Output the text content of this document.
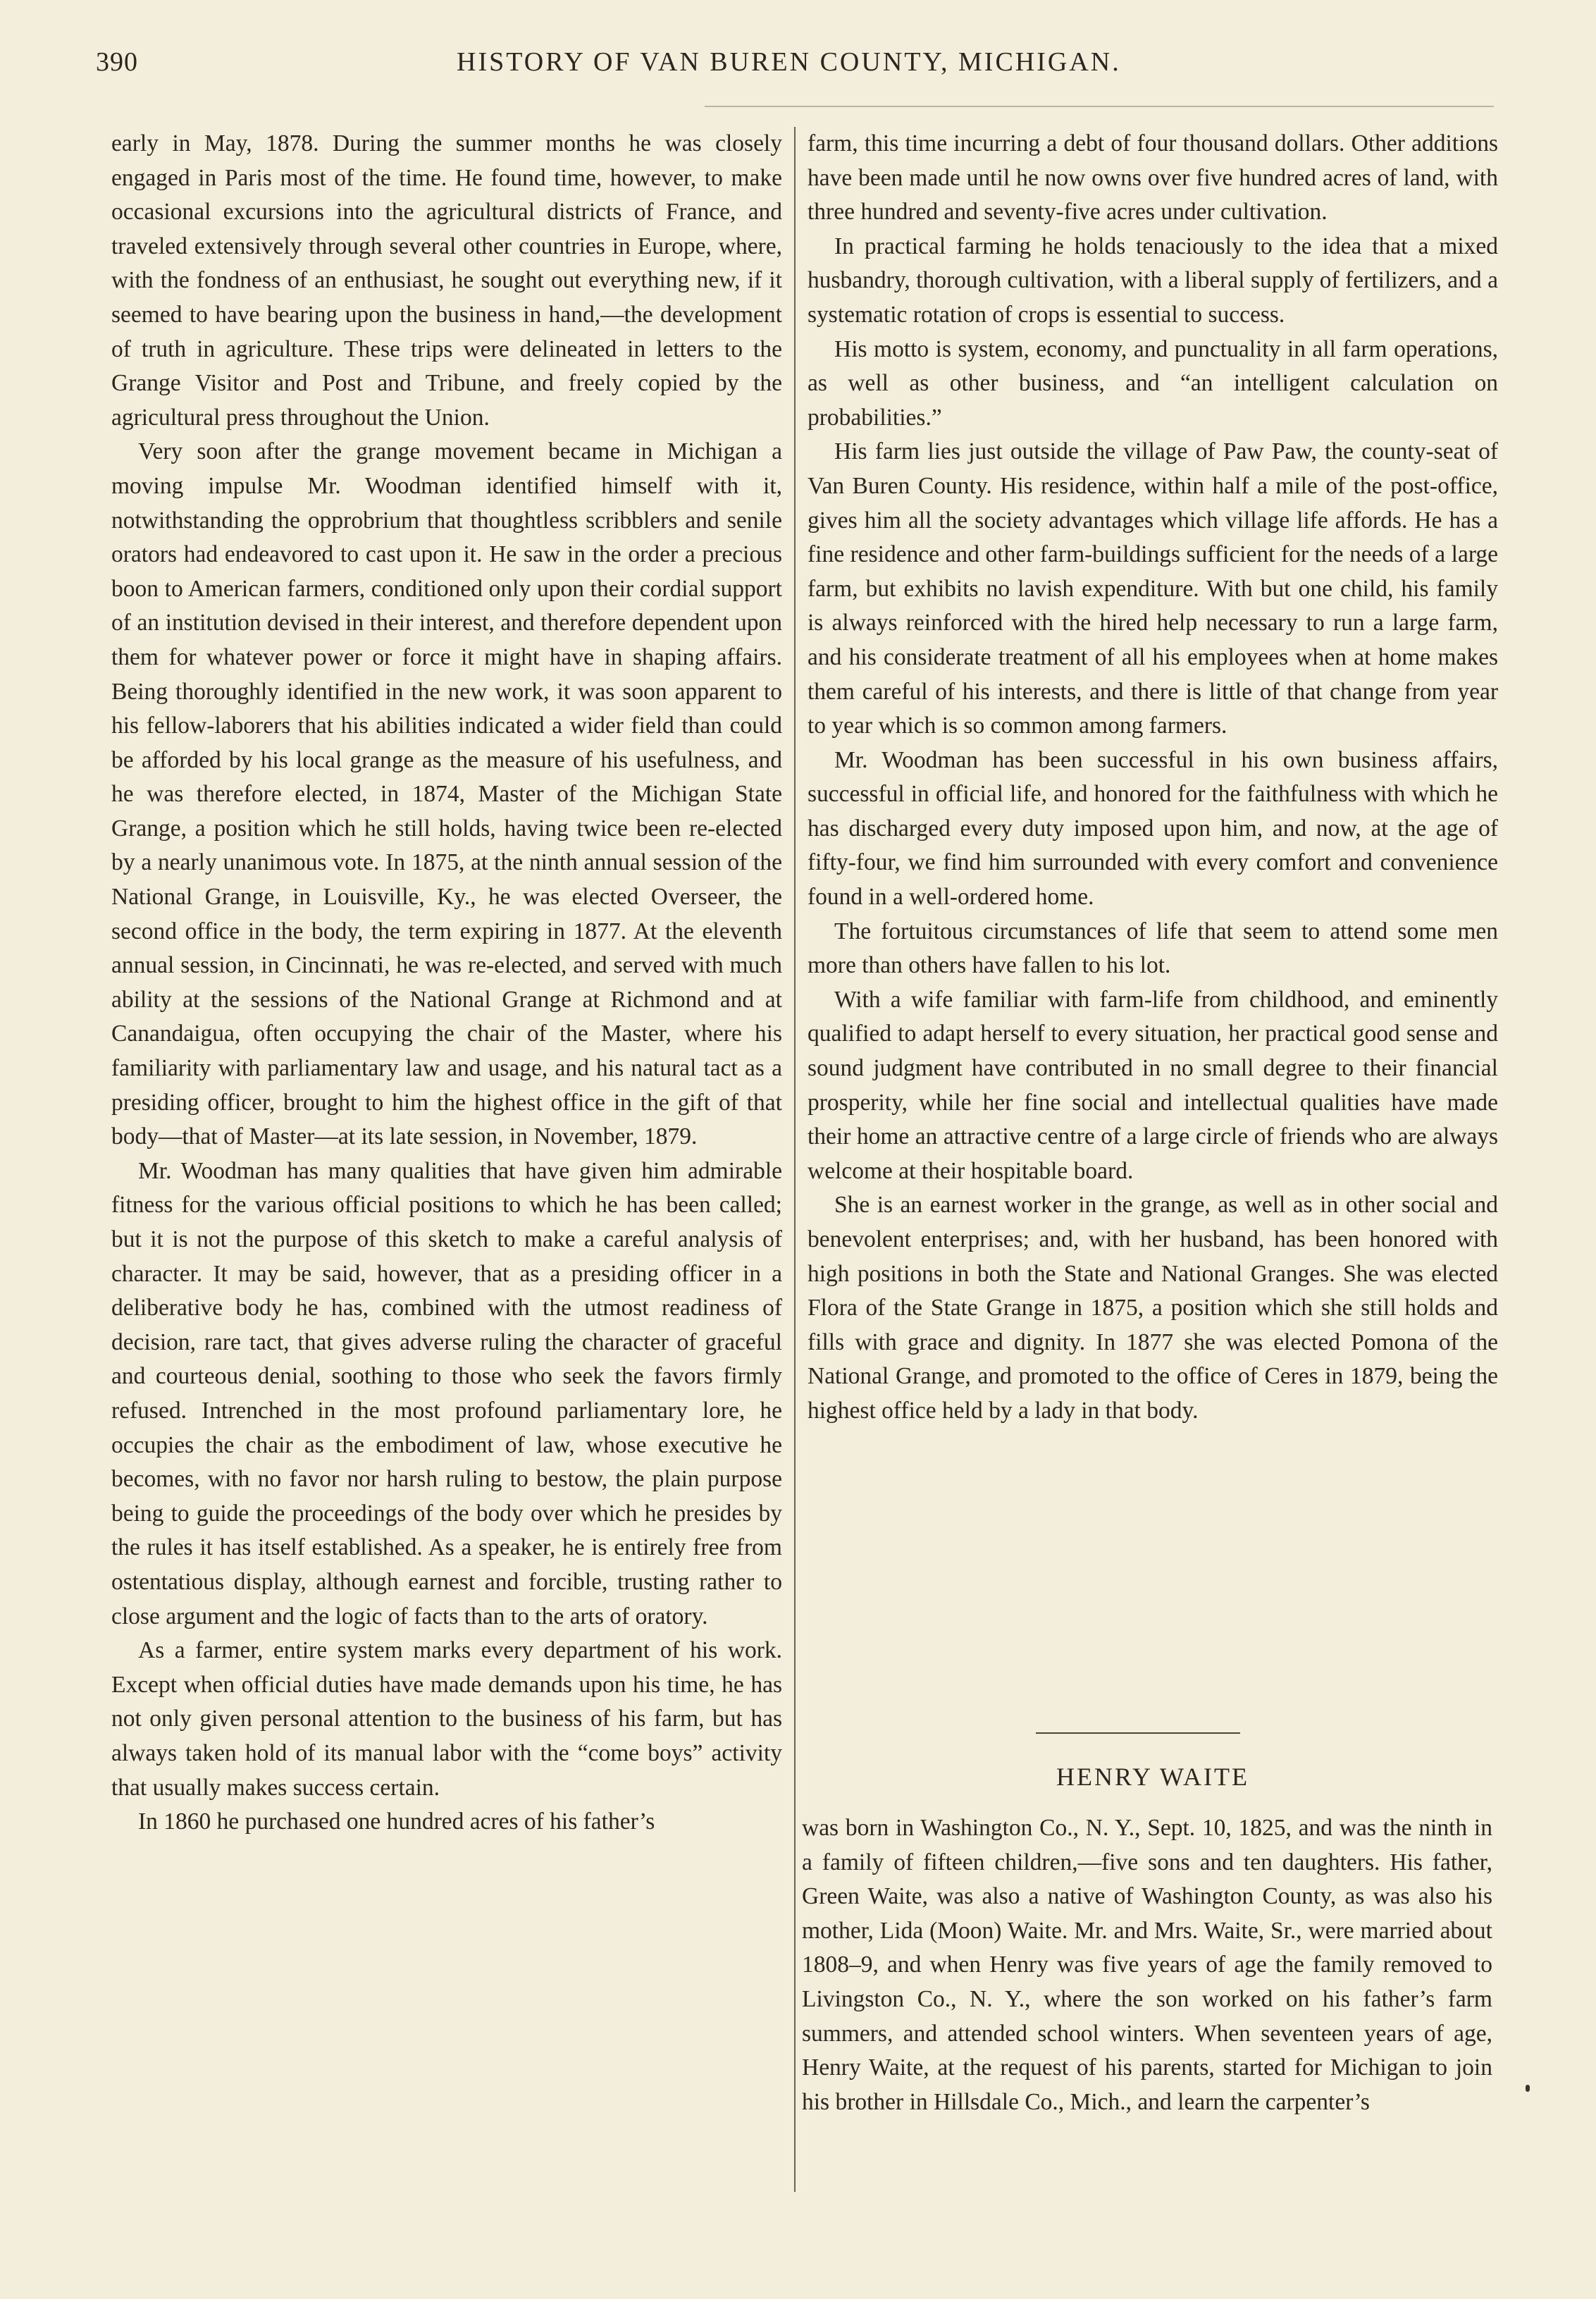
390	HISTORY OF VAN BUREN COUNTY, MICHIGAN.

early in May, 1878. During the summer months he was closely engaged in Paris most of the time. He found time, however, to make occasional excursions into the agricultural districts of France, and traveled extensively through several other countries in Europe, where, with the fondness of an enthusiast, he sought out everything new, if it seemed to have bearing upon the business in hand,—the development of truth in agriculture. These trips were delineated in letters to the Grange Visitor and Post and Tribune, and freely copied by the agricultural press throughout the Union.

Very soon after the grange movement became in Michigan a moving impulse Mr. Woodman identified himself with it, notwithstanding the opprobrium that thoughtless scribblers and senile orators had endeavored to cast upon it. He saw in the order a precious boon to American farmers, conditioned only upon their cordial support of an institution devised in their interest, and therefore dependent upon them for whatever power or force it might have in shaping affairs. Being thoroughly identified in the new work, it was soon apparent to his fellow-laborers that his abilities indicated a wider field than could be afforded by his local grange as the measure of his usefulness, and he was therefore elected, in 1874, Master of the Michigan State Grange, a position which he still holds, having twice been re-elected by a nearly unanimous vote. In 1875, at the ninth annual session of the National Grange, in Louisville, Ky., he was elected Overseer, the second office in the body, the term expiring in 1877. At the eleventh annual session, in Cincinnati, he was re-elected, and served with much ability at the sessions of the National Grange at Richmond and at Canandaigua, often occupying the chair of the Master, where his familiarity with parliamentary law and usage, and his natural tact as a presiding officer, brought to him the highest office in the gift of that body—that of Master—at its late session, in November, 1879.

Mr. Woodman has many qualities that have given him admirable fitness for the various official positions to which he has been called; but it is not the purpose of this sketch to make a careful analysis of character. It may be said, however, that as a presiding officer in a deliberative body he has, combined with the utmost readiness of decision, rare tact, that gives adverse ruling the character of graceful and courteous denial, soothing to those who seek the favors firmly refused. Intrenched in the most profound parliamentary lore, he occupies the chair as the embodiment of law, whose executive he becomes, with no favor nor harsh ruling to bestow, the plain purpose being to guide the proceedings of the body over which he presides by the rules it has itself established. As a speaker, he is entirely free from ostentatious display, although earnest and forcible, trusting rather to close argument and the logic of facts than to the arts of oratory.

As a farmer, entire system marks every department of his work. Except when official duties have made demands upon his time, he has not only given personal attention to the business of his farm, but has always taken hold of its manual labor with the “come boys” activity that usually makes success certain.

In 1860 he purchased one hundred acres of his father’s

farm, this time incurring a debt of four thousand dollars. Other additions have been made until he now owns over five hundred acres of land, with three hundred and seventy-five acres under cultivation.

In practical farming he holds tenaciously to the idea that a mixed husbandry, thorough cultivation, with a liberal supply of fertilizers, and a systematic rotation of crops is essential to success.

His motto is system, economy, and punctuality in all farm operations, as well as other business, and “an intelligent calculation on probabilities.”

His farm lies just outside the village of Paw Paw, the county-seat of Van Buren County. His residence, within half a mile of the post-office, gives him all the society advantages which village life affords. He has a fine residence and other farm-buildings sufficient for the needs of a large farm, but exhibits no lavish expenditure. With but one child, his family is always reinforced with the hired help necessary to run a large farm, and his considerate treatment of all his employees when at home makes them careful of his interests, and there is little of that change from year to year which is so common among farmers.

Mr. Woodman has been successful in his own business affairs, successful in official life, and honored for the faithfulness with which he has discharged every duty imposed upon him, and now, at the age of fifty-four, we find him surrounded with every comfort and convenience found in a well-ordered home.

The fortuitous circumstances of life that seem to attend some men more than others have fallen to his lot.

With a wife familiar with farm-life from childhood, and eminently qualified to adapt herself to every situation, her practical good sense and sound judgment have contributed in no small degree to their financial prosperity, while her fine social and intellectual qualities have made their home an attractive centre of a large circle of friends who are always welcome at their hospitable board.

She is an earnest worker in the grange, as well as in other social and benevolent enterprises; and, with her husband, has been honored with high positions in both the State and National Granges. She was elected Flora of the State Grange in 1875, a position which she still holds and fills with grace and dignity. In 1877 she was elected Pomona of the National Grange, and promoted to the office of Ceres in 1879, being the highest office held by a lady in that body.

HENRY WAITE

was born in Washington Co., N. Y., Sept. 10, 1825, and was the ninth in a family of fifteen children,—five sons and ten daughters. His father, Green Waite, was also a native of Washington County, as was also his mother, Lida (Moon) Waite. Mr. and Mrs. Waite, Sr., were married about 1808–9, and when Henry was five years of age the family removed to Livingston Co., N. Y., where the son worked on his father’s farm summers, and attended school winters. When seventeen years of age, Henry Waite, at the request of his parents, started for Michigan to join his brother in Hillsdale Co., Mich., and learn the carpenter’s
